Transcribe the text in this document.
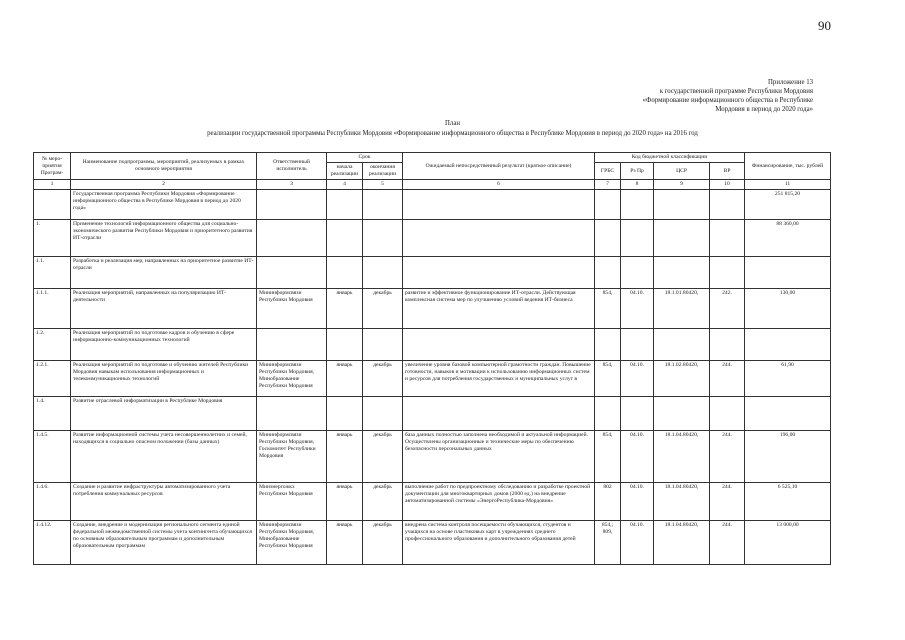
90
Приложение 13
к государственной программе Республики Мордовия
«Формирование информационного общества в Республике
Мордовия в период до 2020 года»
План
реализации государственной программы Республики Мордовия «Формирование информационного общества в Республике Мордовия в период до 2020 года» на 2016 год
№ меро-приятия Програм-	Наименование подпрограммы, мероприятий, реализуемых в рамках основного мероприятия	Ответственный исполнитель	Срок		Ожидаемый непосредственный результат (краткое описание)	Код бюджетной классификации				Финансирование, тыс. рублей
			начала реализации	окончания реализации		ГРБС	Рз Пр	ЦСР	ВР	
1	2	3	4	5	6	7	8	9	10	11
	Государственная программа Республики Мордовия «Формирование информационного общества в Республике Мордовия в период до 2020 года»									251 815,20
1.	Применение технологий информационного общества для социально-экономического развития Республики Мордовия и приоритетного развития ИТ-отрасли									88 360,00
1.1.	Разработка и реализация мер, направленных на приоритетное развитие ИТ-отрасли									
1.1.1.	Реализация мероприятий, направленных на популяризацию ИТ-деятельности	Мининформсвязи Республики Мордовия	январь	декабрь	развитие и эффективное функционирование ИТ-отрасли. Действующая комплексная система мер по улучшению условий ведения ИТ-бизнеса	854,	04.10.	18.1.01.80420,	242.	130,00
1.2.	Реализация мероприятий по подготовке кадров и обучению в сфере информационно-коммуникационных технологий									
1.2.1.	Реализация мероприятий по подготовке и обучению жителей Республики Мордовия навыкам использования информационных и телекоммуникационных технологий	Мининформсвязи Республики Мордовия, Минобразование Республики Мордовия	январь	декабрь	увеличение уровня базовой компьютерной грамотности граждан. Повышение готовности, навыков и мотивации к использованию информационных систем и ресурсов для потребления государственных и муниципальных услуг в	854,	04.10.	18.1.02.80420,	244.	61,90
1.4.	Развитие отраслевой информатизации в Республике Мордовия									
1.4.5.	Развитие информационной системы учета несовершеннолетних и семей, находящихся в социально опасном положении (базы данных)	Мининформсвязи Республики Мордовия, Госкомитет Республики Мордовия	январь	декабрь	база данных полностью заполнена необходимой и актуальной информацией. Осуществлены организационные и технические меры по обеспечению безопасности персональных данных	854,	04.10.	18.1.04.80420,	244.	196,00
1.4.6.	Создание и развитие инфраструктуры автоматизированного учета потребления коммунальных ресурсов	Минэнергожкх Республики Мордовия	январь	декабрь	выполнение работ по предпроектному обследованию и разработке проектной документации для многоквартирных домов (2000 ед.) на внедрение автоматизированной системы «ЭнергоРеспублика-Мордовия»	802	04.10.	18.1.04.80420,	244.	6 525,10
1.4.12.	Создание, внедрение и модернизация регионального сегмента единой федеральной межведомственной системы учета контингента обучающихся по основным образовательным программам и дополнительным образовательным программам	Мининформсвязи Республики Мордовия, Минобразование Республики Мордовия	январь	декабрь	внедрена система контроля посещаемости обучающихся, студентов и учащихся на основе пластиковых карт в учреждениях среднего профессионального образования и дополнительного образования детей	854,; 809,	04.10.	18.1.04.80420,	244.	13 000,00
